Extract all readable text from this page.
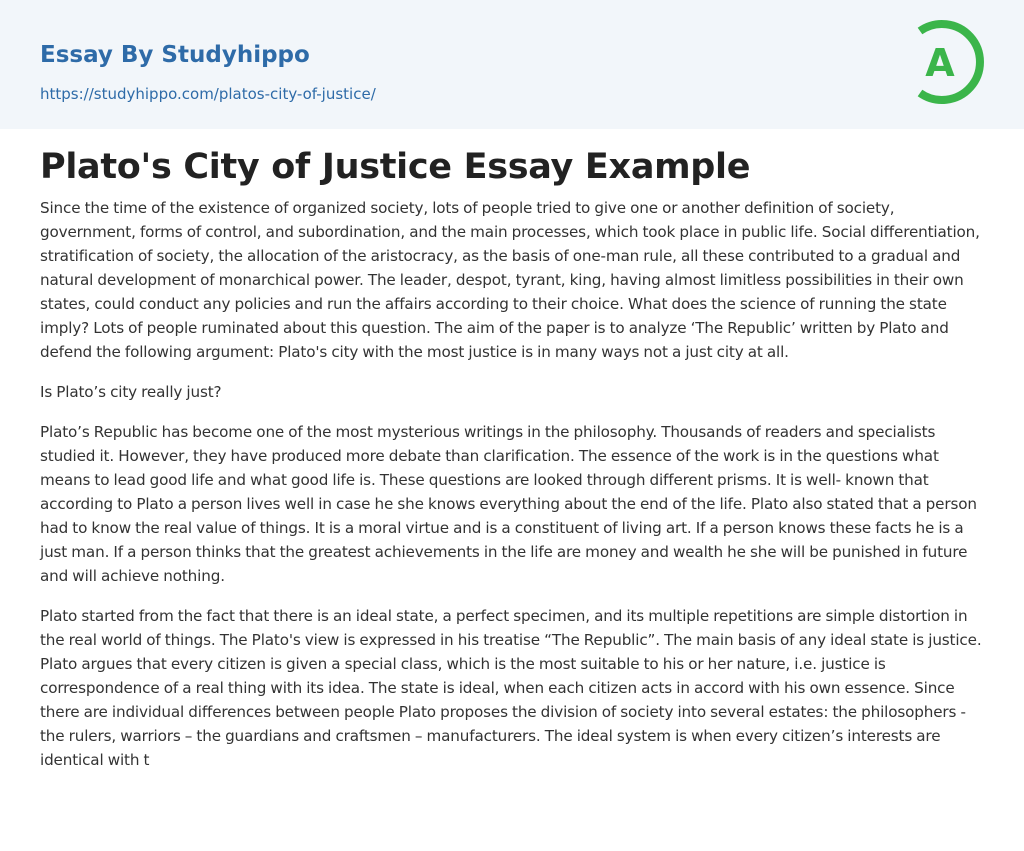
Essay By Studyhippo
https://studyhippo.com/platos-city-of-justice/
A
Plato's City of Justice Essay Example

Since the time of the existence of organized society, lots of people tried to give one or another definition of society, government, forms of control, and subordination, and the main processes, which took place in public life. Social differentiation, stratification of society, the allocation of the aristocracy, as the basis of one-man rule, all these contributed to a gradual and natural development of monarchical power. The leader, despot, tyrant, king, having almost limitless possibilities in their own states, could conduct any policies and run the affairs according to their choice. What does the science of running the state imply? Lots of people ruminated about this question. The aim of the paper is to analyze ‘The Republic’ written by Plato and defend the following argument: Plato's city with the most justice is in many ways not a just city at all.

Is Plato’s city really just?

Plato’s Republic has become one of the most mysterious writings in the philosophy. Thousands of readers and specialists studied it. However, they have produced more debate than clarification. The essence of the work is in the questions what means to lead good life and what good life is. These questions are looked through different prisms. It is well- known that according to Plato a person lives well in case he she knows everything about the end of the life. Plato also stated that a person had to know the real value of things. It is a moral virtue and is a constituent of living art. If a person knows these facts he is a just man. If a person thinks that the greatest achievements in the life are money and wealth he she will be punished in future and will achieve nothing.

Plato started from the fact that there is an ideal state, a perfect specimen, and its multiple repetitions are simple distortion in the real world of things. The Plato's view is expressed in his treatise “The Republic”. The main basis of any ideal state is justice. Plato argues that every citizen is given a special class, which is the most suitable to his or her nature, i.e. justice is correspondence of a real thing with its idea. The state is ideal, when each citizen acts in accord with his own essence. Since there are individual differences between people Plato proposes the division of society into several estates: the philosophers - the rulers, warriors – the guardians and craftsmen – manufacturers. The ideal system is when every citizen’s interests are identical with t
